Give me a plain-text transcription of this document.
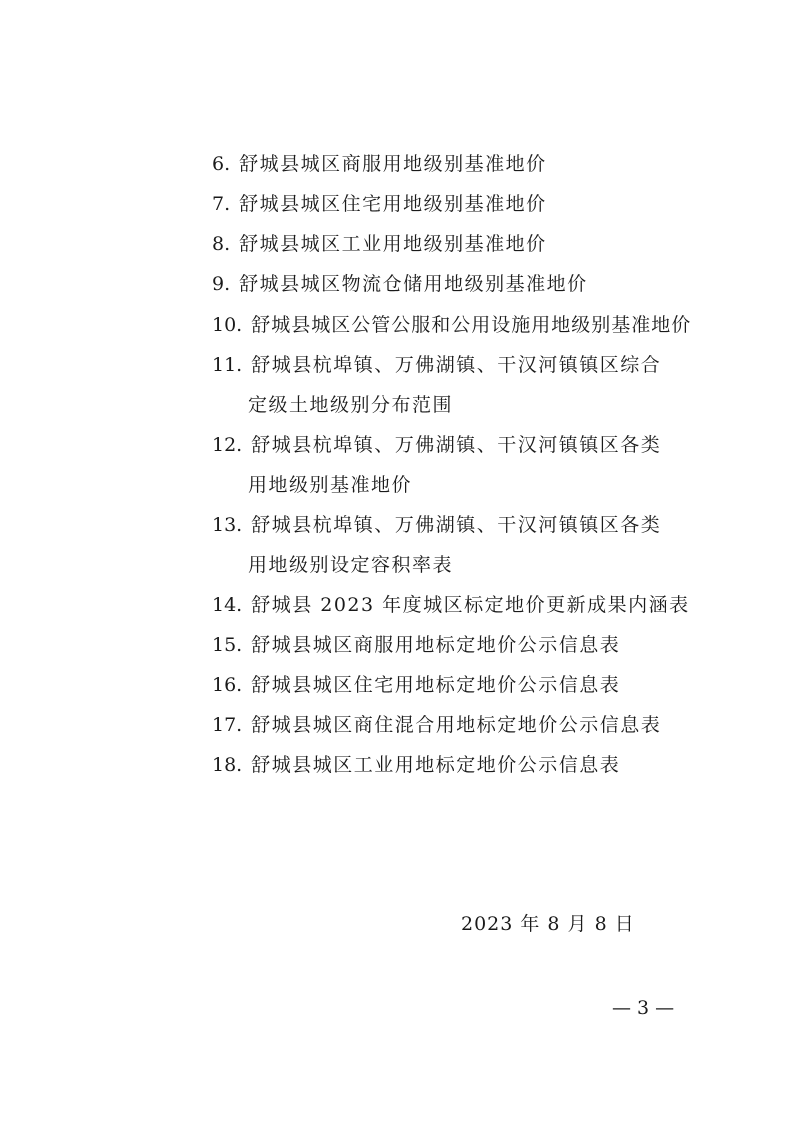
6. 舒城县城区商服用地级别基准地价
7. 舒城县城区住宅用地级别基准地价
8. 舒城县城区工业用地级别基准地价
9. 舒城县城区物流仓储用地级别基准地价
10. 舒城县城区公管公服和公用设施用地级别基准地价
11. 舒城县杭埠镇、万佛湖镇、干汉河镇镇区综合
定级土地级别分布范围
12. 舒城县杭埠镇、万佛湖镇、干汉河镇镇区各类
用地级别基准地价
13. 舒城县杭埠镇、万佛湖镇、干汉河镇镇区各类
用地级别设定容积率表
14. 舒城县 2023 年度城区标定地价更新成果内涵表
15. 舒城县城区商服用地标定地价公示信息表
16. 舒城县城区住宅用地标定地价公示信息表
17. 舒城县城区商住混合用地标定地价公示信息表
18. 舒城县城区工业用地标定地价公示信息表
2023 年 8 月 8 日
— 3 —
